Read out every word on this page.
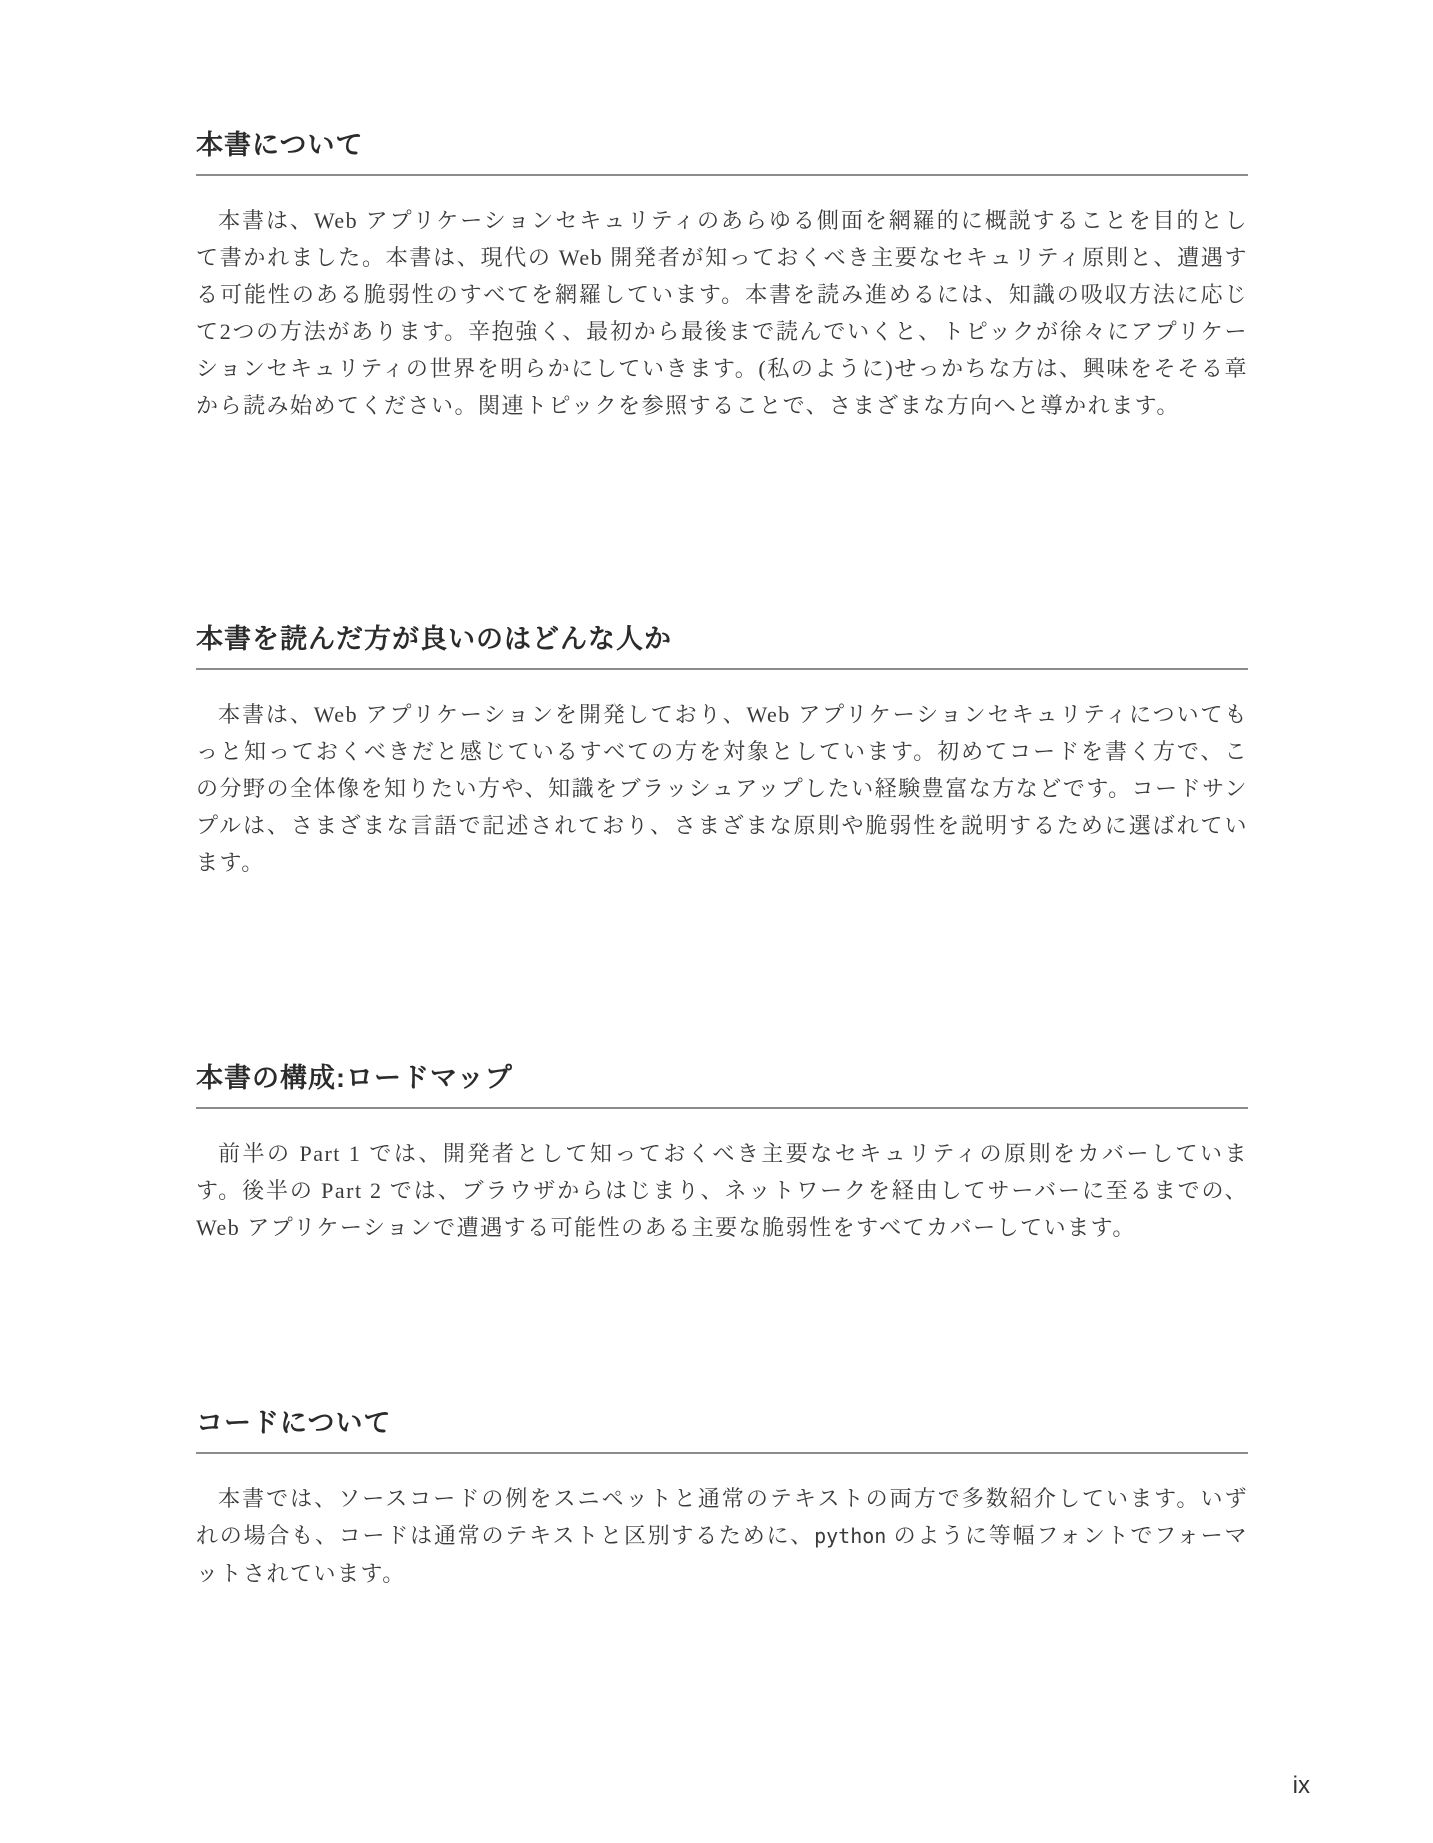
本書について

本書は、Web アプリケーションセキュリティのあらゆる側面を網羅的に概説することを目的として書かれました。本書は、現代の Web 開発者が知っておくべき主要なセキュリティ原則と、遭遇する可能性のある脆弱性のすべてを網羅しています。本書を読み進めるには、知識の吸収方法に応じて2つの方法があります。辛抱強く、最初から最後まで読んでいくと、トピックが徐々にアプリケーションセキュリティの世界を明らかにしていきます。(私のように)せっかちな方は、興味をそそる章から読み始めてください。関連トピックを参照することで、さまざまな方向へと導かれます。

本書を読んだ方が良いのはどんな人か

本書は、Web アプリケーションを開発しており、Web アプリケーションセキュリティについてもっと知っておくべきだと感じているすべての方を対象としています。初めてコードを書く方で、この分野の全体像を知りたい方や、知識をブラッシュアップしたい経験豊富な方などです。コードサンプルは、さまざまな言語で記述されており、さまざまな原則や脆弱性を説明するために選ばれています。

本書の構成:ロードマップ

前半の Part 1 では、開発者として知っておくべき主要なセキュリティの原則をカバーしています。後半の Part 2 では、ブラウザからはじまり、ネットワークを経由してサーバーに至るまでの、Web アプリケーションで遭遇する可能性のある主要な脆弱性をすべてカバーしています。

コードについて

本書では、ソースコードの例をスニペットと通常のテキストの両方で多数紹介しています。いずれの場合も、コードは通常のテキストと区別するために、python のように等幅フォントでフォーマットされています。

ix
